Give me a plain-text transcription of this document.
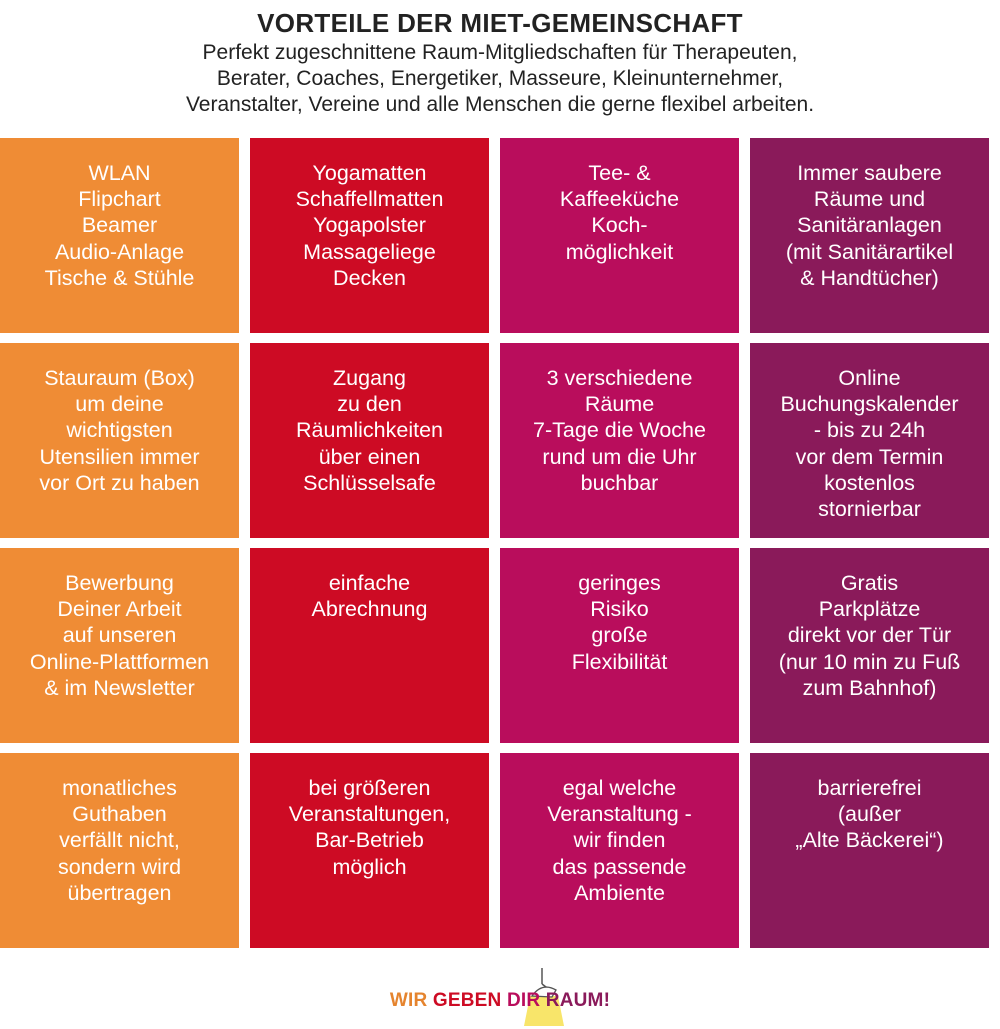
VORTEILE DER MIET-GEMEINSCHAFT

Perfekt zugeschnittene Raum-Mitgliedschaften für Therapeuten,
Berater, Coaches, Energetiker, Masseure, Kleinunternehmer,
Veranstalter, Vereine und alle Menschen die gerne flexibel arbeiten.

WLAN
Flipchart
Beamer
Audio-Anlage
Tische & Stühle
Yogamatten
Schaffellmatten
Yogapolster
Massageliege
Decken
Tee- &
Kaffeeküche
Koch-
möglichkeit
Immer saubere
Räume und
Sanitäranlagen
(mit Sanitärartikel
& Handtücher)
Stauraum (Box)
um deine
wichtigsten
Utensilien immer
vor Ort zu haben
Zugang
zu den
Räumlichkeiten
über einen
Schlüsselsafe
3 verschiedene
Räume
7-Tage die Woche
rund um die Uhr
buchbar
Online
Buchungskalender
- bis zu 24h
vor dem Termin
kostenlos
stornierbar
Bewerbung
Deiner Arbeit
auf unseren
Online-Plattformen
& im Newsletter
einfache
Abrechnung
geringes
Risiko
große
Flexibilität
Gratis
Parkplätze
direkt vor der Tür
(nur 10 min zu Fuß
zum Bahnhof)
monatliches
Guthaben
verfällt nicht,
sondern wird
übertragen
bei größeren
Veranstaltungen,
Bar-Betrieb
möglich
egal welche
Veranstaltung -
wir finden
das passende
Ambiente
barrierefrei
(außer
„Alte Bäckerei“)
WIR GEBEN DIR RAUM!
